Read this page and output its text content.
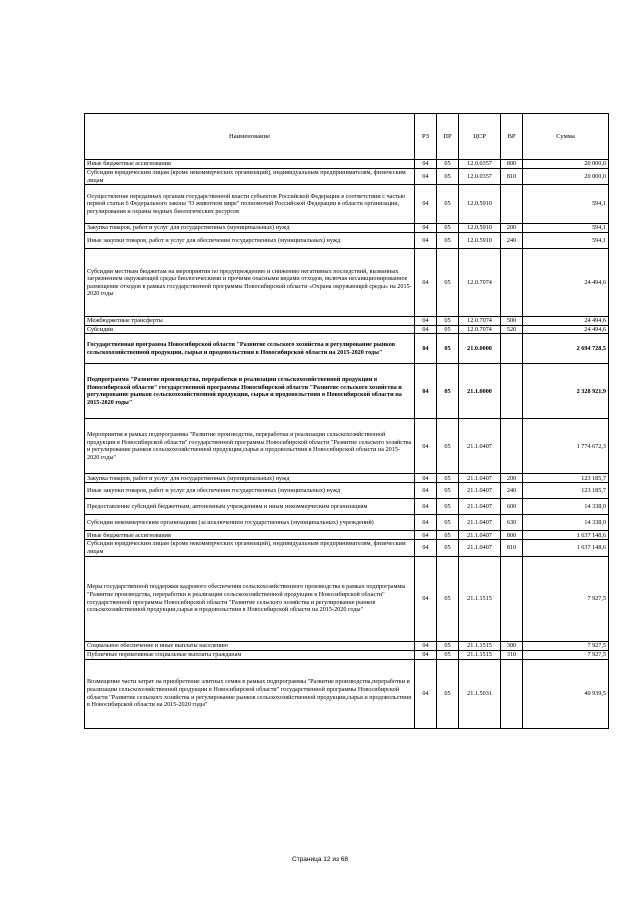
Наименование	РЗ	ПР	ЦСР	ВР	Сумма
Иные бюджетные ассигнования	04	05	12.0.0357	800	20 000,0
Субсидии юридическим лицам (кроме некоммерческих организаций), индивидуальным предпринимателям, физическим лицам	04	05	12.0.0357	810	20 000,0
Осуществление переданных органам государственной власти субъектов Российской Федерации в соответствии с частью первой статьи 6 Федерального закона "О животном мире" полномочий Российской Федерации в области организации, регулирования и охраны водных биологических ресурсов	04	05	12.0.5910		594,1
Закупка товаров, работ и услуг для государственных (муниципальных) нужд	04	05	12.0.5910	200	594,1
Иные закупки товаров, работ и услуг для обеспечения государственных (муниципальных) нужд	04	05	12.0.5910	240	594,1
Субсидии местным бюджетам на мероприятия по предупреждению и снижению негативных последствий, вызванных загрязнением окружающей среды биологическими и прочими опасными видами отходов, включая несанкционированное размещение отходов в рамках государственной программы Новосибирской области «Охрана окружающей среды» на 2015-2020 годы	04	05	12.0.7074		24 494,6
Межбюджетные трансферты	04	05	12.0.7074	500	24 494,6
Субсидии	04	05	12.0.7074	520	24 494,6
Государственная программа Новосибирской области "Развитие сельского хозяйства и регулирование рынков сельскохозяйственной продукции, сырья и продовольствия в Новосибирской области на 2015-2020 годы"	04	05	21.0.0000		2 694 728,5
Подпрограмма "Развитие производства, переработки и реализации сельскохозяйственной продукции в Новосибирской области" государственной программы Новосибирской области "Развитие сельского хозяйства и регулирование рынков сельскохозяйственной продукции, сырья и продовольствия в Новосибирской области на 2015-2020 годы"	04	05	21.1.0000		2 328 921,9
Мероприятия в рамках подпрограммы "Развитие производства, переработки и реализации сельскохозяйственной продукции в Новосибирской области" государственной программы Новосибирской области "Развитие сельского хозяйства и регулирование рынков сельскохозяйственной продукции,сырья и продовольствия в Новосибирской области на 2015-2020 годы"	04	05	21.1.0407		1 774 672,3
Закупка товаров, работ и услуг для государственных (муниципальных) нужд	04	05	21.1.0407	200	123 185,7
Иные закупки товаров, работ и услуг для обеспечения государственных (муниципальных) нужд	04	05	21.1.0407	240	123 185,7
Предоставление субсидий бюджетным, автономным учреждениям и иным некоммерческим организациям	04	05	21.1.0407	600	14 338,0
Субсидии некоммерческим организациям (за исключением государственных (муниципальных) учреждений)	04	05	21.1.0407	630	14 338,0
Иные бюджетные ассигнования	04	05	21.1.0407	800	1 637 148,6
Субсидии юридическим лицам (кроме некоммерческих организаций), индивидуальным предпринимателям, физическим лицам	04	05	21.1.0407	810	1 637 148,6
Меры государственной поддержки кадрового обеспечения сельскохозяйственного производства в рамках подпрограммы "Развитие производства, переработки и реализации сельскохозяйственной продукции в Новосибирской области" государственной программы Новосибирской области "Развитие сельского хозяйства и регулирование рынков сельскохозяйственной продукции,сырья и продовольствия в Новосибирской области на 2015-2020 годы"	04	05	21.1.1515		7 927,5
Социальное обеспечение и иные выплаты населению	04	05	21.1.1515	300	7 927,5
Публичные нормативные социальные выплаты гражданам	04	05	21.1.1515	310	7 927,5
Возмещение части затрат на приобретение элитных семян в рамках подпрограммы "Развитие производства,переработки и реализации сельскохозяйственной продукции в Новосибирской области" государственной программы Новосибирской области "Развитие сельского хозяйства и регулирование рынков сельскохозяйственной продукции,сырья и продовольствия в Новосибирской области на 2015-2020 годы"	04	05	21.1.5031		40 939,5
Страница 12 из 68
